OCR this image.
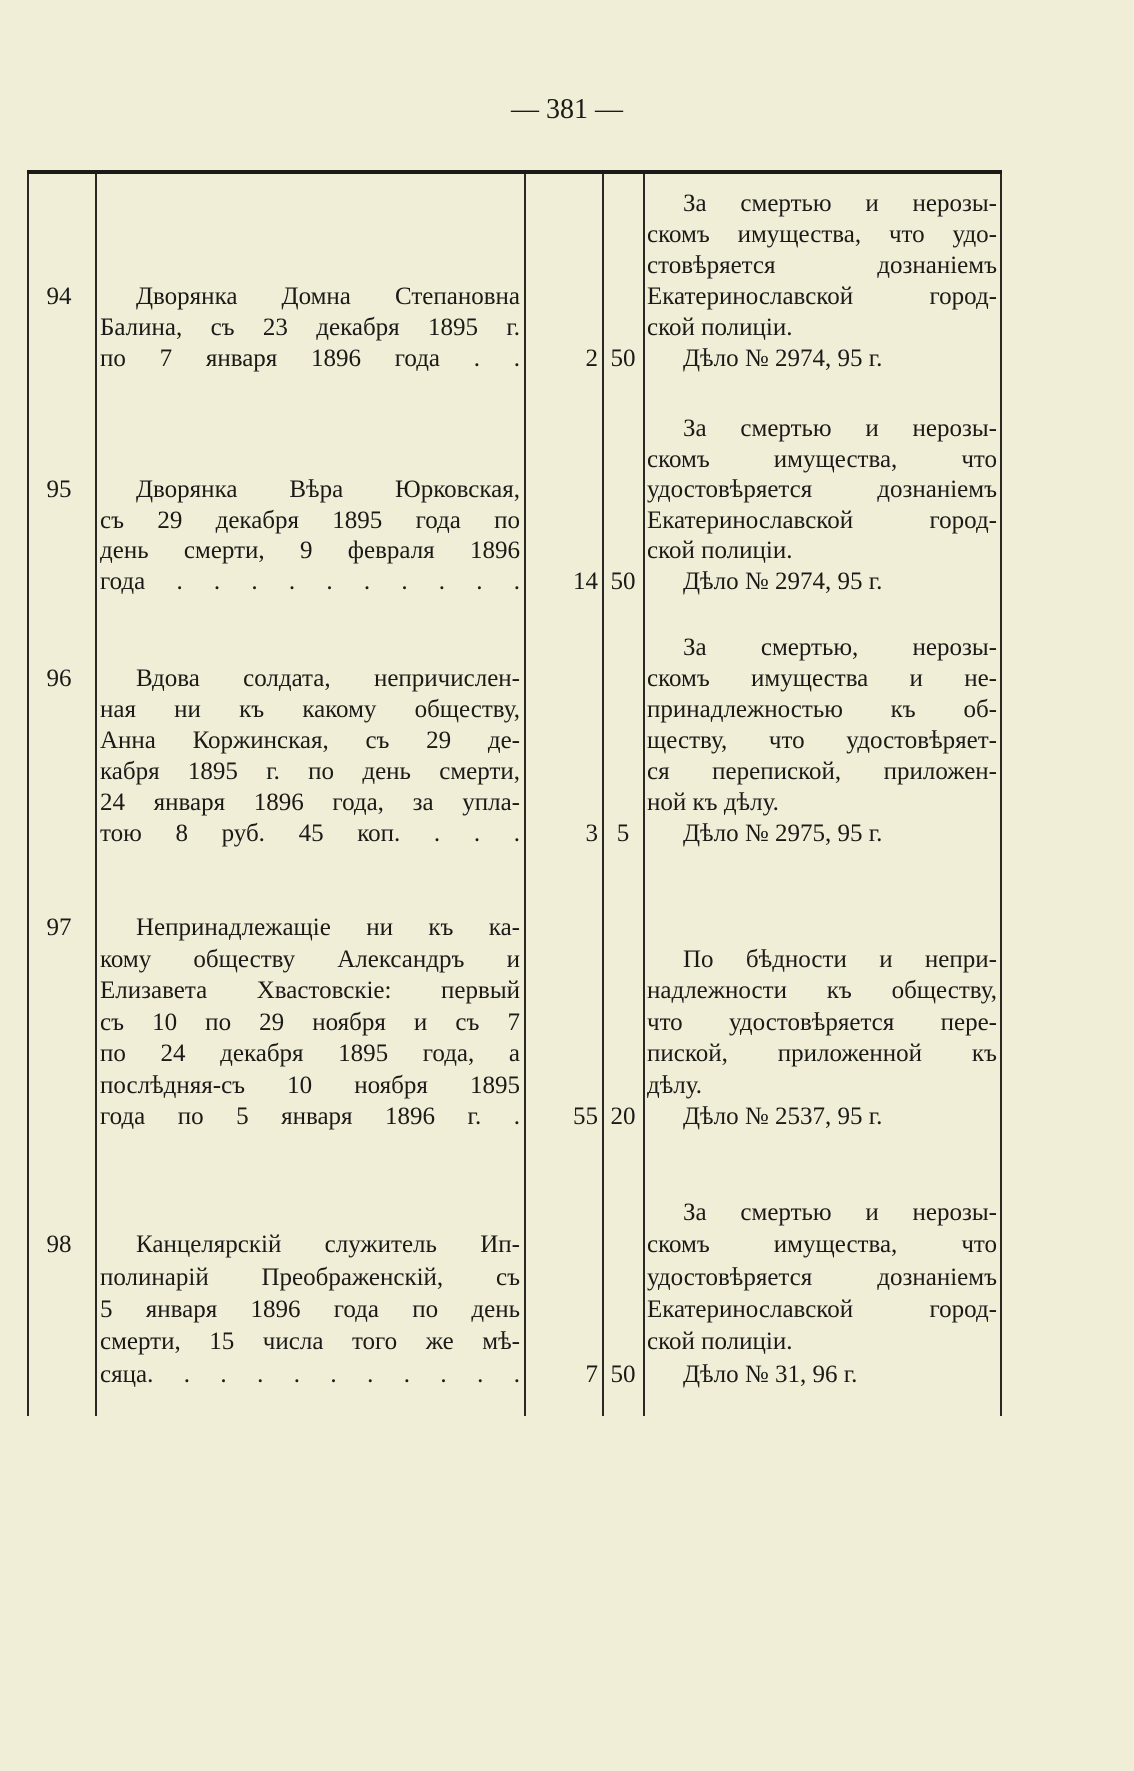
— 381 —
94	Дворянка Домна Степановна
Балина, съ 23 декабря 1895 г.
по 7 января 1896 года . .	2 50
За смертью и нерозы-
скомъ имущества, что удо-
стовѣряется дознаніемъ
Екатеринославской город-
ской полиціи.
Дѣло № 2974, 95 г.
95	Дворянка Вѣра Юрковская,
съ 29 декабря 1895 года по
день смерти, 9 февраля 1896
года . . . . . . . . . .	14 50
За смертью и нерозы-
скомъ имущества, что
удостовѣряется дознаніемъ
Екатеринославской город-
ской полиціи.
Дѣло № 2974, 95 г.
96	Вдова солдата, непричислен-
ная ни къ какому обществу,
Анна Коржинская, съ 29 де-
кабря 1895 г. по день смерти,
24 января 1896 года, за упла-
тою 8 руб. 45 коп. . . .	3 5
За смертью, нерозы-
скомъ имущества и не-
принадлежностью къ об-
ществу, что удостовѣряет-
ся перепиской, приложен-
ной къ дѣлу.
Дѣло № 2975, 95 г.
97	Непринадлежащіе ни къ ка-
кому обществу Александръ и
Елизавета Хвастовскіе: первый
съ 10 по 29 ноября и съ 7
по 24 декабря 1895 года, а
послѣдняя-съ 10 ноября 1895
года по 5 января 1896 г. .	55 20
По бѣдности и непри-
надлежности къ обществу,
что удостовѣряется пере-
пиской, приложенной къ
дѣлу.
Дѣло № 2537, 95 г.
98	Канцелярскій служитель Ип-
полинарій Преображенскій, съ
5 января 1896 года по день
смерти, 15 числа того же мѣ-
сяца. . . . . . . . . . .	7 50
За смертью и нерозы-
скомъ имущества, что
удостовѣряется дознаніемъ
Екатеринославской город-
ской полиціи.
Дѣло № 31, 96 г.
